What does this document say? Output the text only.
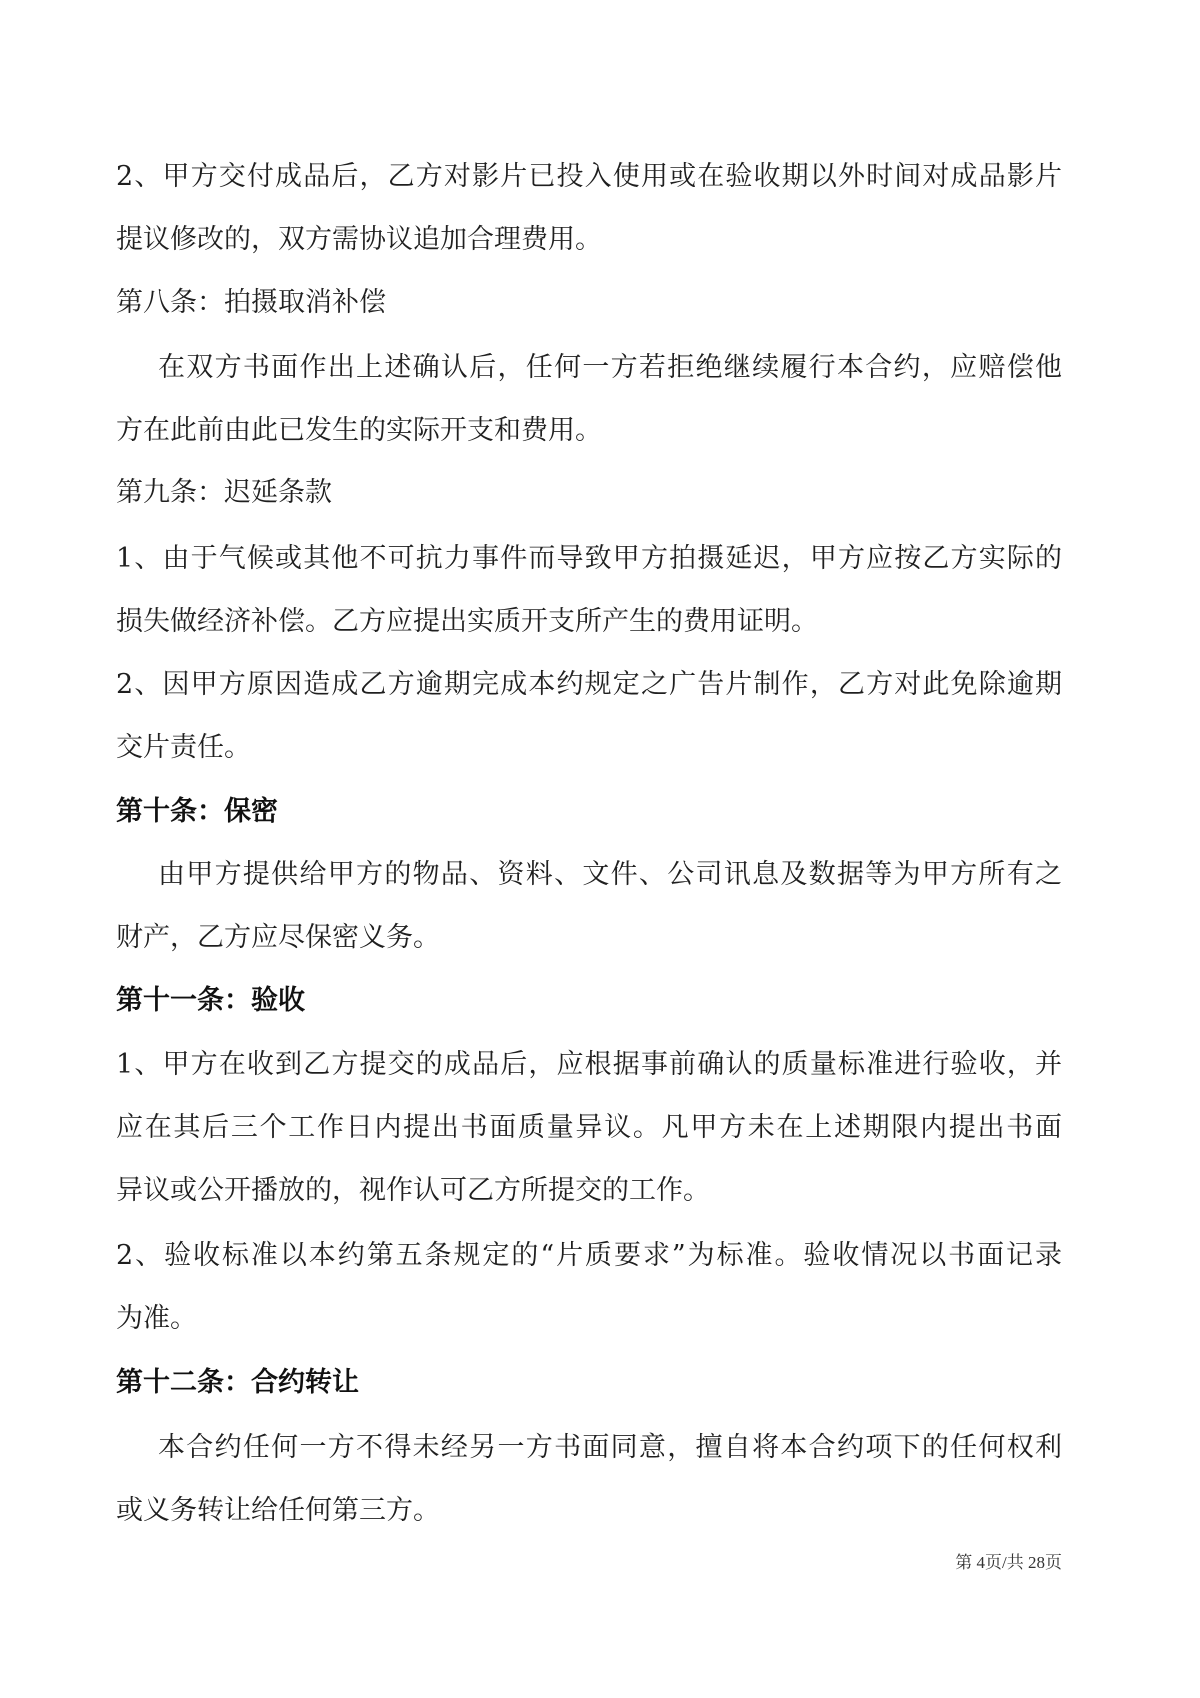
2、甲方交付成品后，乙方对影片已投入使用或在验收期以外时间对成品影片
提议修改的，双方需协议追加合理费用。
第八条：拍摄取消补偿
在双方书面作出上述确认后，任何一方若拒绝继续履行本合约，应赔偿他
方在此前由此已发生的实际开支和费用。
第九条：迟延条款
1、由于气候或其他不可抗力事件而导致甲方拍摄延迟，甲方应按乙方实际的
损失做经济补偿。乙方应提出实质开支所产生的费用证明。
2、因甲方原因造成乙方逾期完成本约规定之广告片制作，乙方对此免除逾期
交片责任。
第十条：保密
由甲方提供给甲方的物品、资料、文件、公司讯息及数据等为甲方所有之
财产，乙方应尽保密义务。
第十一条：验收
1、甲方在收到乙方提交的成品后，应根据事前确认的质量标准进行验收，并
应在其后三个工作日内提出书面质量异议。凡甲方未在上述期限内提出书面
异议或公开播放的，视作认可乙方所提交的工作。
2、验收标准以本约第五条规定的“片质要求”为标准。验收情况以书面记录
为准。
第十二条：合约转让
本合约任何一方不得未经另一方书面同意，擅自将本合约项下的任何权利
或义务转让给任何第三方。
第 4页/共 28页
